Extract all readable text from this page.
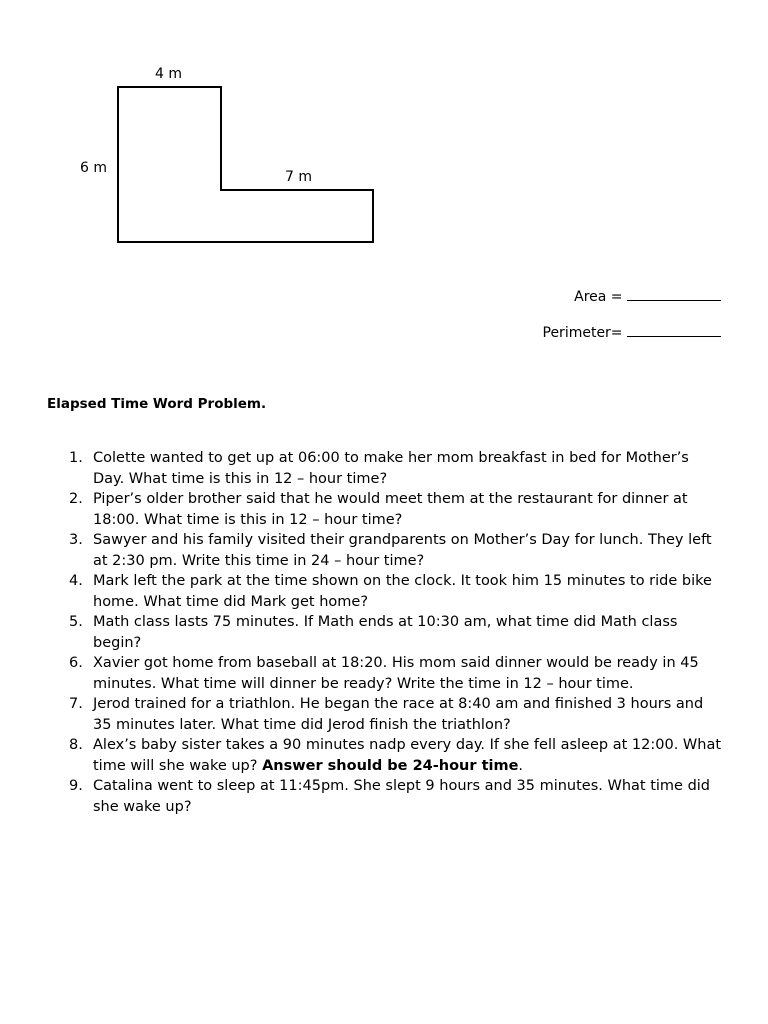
4 m
6 m
7 m
Area =
Perimeter=
Elapsed Time Word Problem.
1. Colette wanted to get up at 06:00 to make her mom breakfast in bed for Mother’s Day. What time is this in 12 – hour time?
2. Piper’s older brother said that he would meet them at the restaurant for dinner at 18:00. What time is this in 12 – hour time?
3. Sawyer and his family visited their grandparents on Mother’s Day for lunch. They left at 2:30 pm. Write this time in 24 – hour time?
4. Mark left the park at the time shown on the clock. It took him 15 minutes to ride bike home. What time did Mark get home?
5. Math class lasts 75 minutes. If Math ends at 10:30 am, what time did Math class begin?
6. Xavier got home from baseball at 18:20. His mom said dinner would be ready in 45 minutes. What time will dinner be ready? Write the time in 12 – hour time.
7. Jerod trained for a triathlon. He began the race at 8:40 am and finished 3 hours and 35 minutes later. What time did Jerod finish the triathlon?
8. Alex’s baby sister takes a 90 minutes nadp every day. If she fell asleep at 12:00. What time will she wake up? Answer should be 24-hour time.
9. Catalina went to sleep at 11:45pm. She slept 9 hours and 35 minutes. What time did she wake up?
